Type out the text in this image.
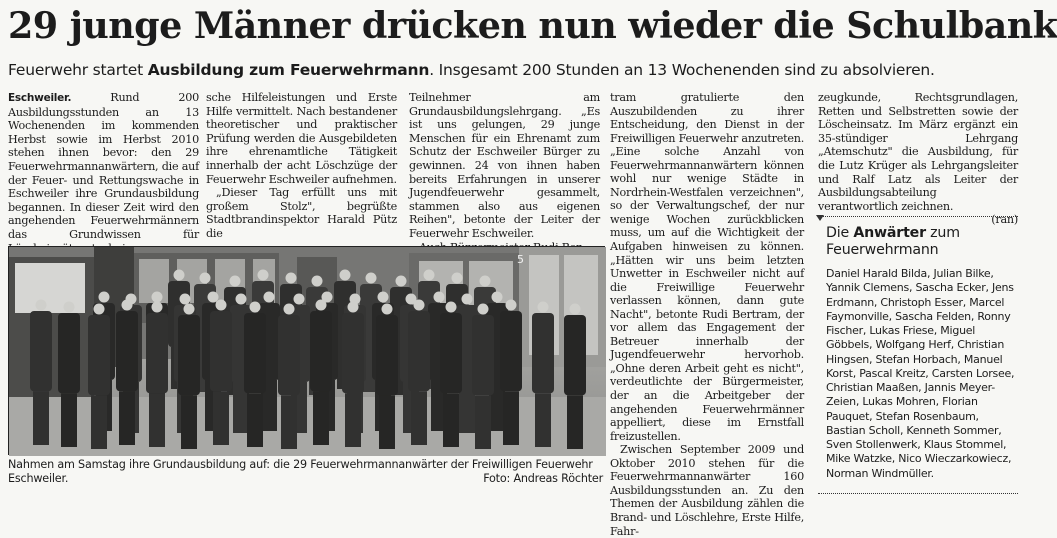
29 junge Männer drücken nun wieder die Schulbank
Feuerwehr startet Ausbildung zum Feuerwehrmann. Insgesamt 200 Stunden an 13 Wochenenden sind zu absolvieren.

Eschweiler.	Rund 200 Ausbildungsstunden an 13 Wochenenden im kommenden Herbst sowie im Herbst 2010 stehen ihnen bevor: den 29 Feuerwehrmannanwärtern, die auf der Feuer- und Rettungswache in Eschweiler ihre Grundausbildung begannen. In dieser Zeit wird den angehenden Feuerwehrmännern das Grundwissen für

sche Hilfeleistungen und Erste Hilfe vermittelt. Nach bestandener theoretischer und praktischer Prüfung werden die Ausgebildeten ihre ehrenamtliche Tätigkeit innerhalb der acht Löschzüge der Feuerwehr Eschweiler aufnehmen.

„Dieser Tag erfüllt uns mit großem Stolz", begrüßte Stadtbrandinspektor Harald Pütz die

Teilnehmer am Grundausbildungslehrgang. „Es ist uns gelungen, 29 junge Menschen für ein Ehrenamt zum Schutz der Eschweiler Bürger zu gewinnen. 24 von ihnen haben bereits Erfahrungen in unserer Jugendfeuerwehr gesammelt, stammen also aus eigenen Reihen", betonte der Leiter der Feuerwehr Eschweiler.

tram gratulierte den Auszubildenden zu ihrer Entscheidung, den Dienst in der Freiwilligen Feuerwehr anzutreten. „Eine solche Anzahl von Feuerwehrmannanwärtern können wohl nur wenige Städte in Nordrhein-Westfalen verzeichnen", so der Verwaltungschef, der nur wenige Wochen zurückblicken muss, um auf die Wichtigkeit der Aufgaben hinweisen zu können. „Hätten wir uns beim letzten Unwetter in Eschweiler nicht auf die Freiwillige Feuerwehr verlassen können, dann gute Nacht", betonte Rudi Bertram, der vor allem das Engagement der Betreuer innerhalb der Jugendfeuerwehr hervorhob. „Ohne deren Arbeit geht es nicht", verdeutlichte der Bürgermeister, der an die Arbeitgeber der angehenden Feuerwehrmänner appelliert, diese im Ernstfall freizustellen.

Zwischen September 2009 und Oktober 2010 stehen für die Feuerwehrmannanwärter 160 Ausbildungsstunden an. Zu den Themen der Ausbildung zählen die Brand- und Löschlehre, Erste Hilfe, Fahr-

zeugkunde, Rechtsgrundlagen, Retten und Selbstretten sowie der Löscheinsatz. Im März ergänzt ein 35-stündiger Lehrgang „Atemschutz" die Ausbildung, für die Lutz Krüger als Lehrgangsleiter und Ralf Latz als Leiter der Ausbildungsabteilung verantwortlich zeichnen.

(ran)
5
Nahmen am Samstag ihre Grundausbildung auf: die 29 Feuerwehrmannanwärter der Freiwilligen Feuerwehr Eschweiler.	Foto: Andreas Röchter
Die Anwärter zum Feuerwehrmann
Daniel Harald Bilda, Julian Bilke, Yannik Clemens, Sascha Ecker, Jens Erdmann, Christoph Esser, Marcel Faymonville, Sascha Felden, Ronny Fischer, Lukas Friese, Miguel Göbbels, Wolfgang Herf, Christian Hingsen, Stefan Horbach, Manuel Korst, Pascal Kreitz, Carsten Lorsee, Christian Maaßen, Jannis Meyer-Zeien, Lukas Mohren, Florian Pauquet, Stefan Rosenbaum, Bastian Scholl, Kenneth Sommer, Sven Stollenwerk, Klaus Stommel, Mike Watzke, Nico Wieczarkowiecz, Norman Windmüller.
